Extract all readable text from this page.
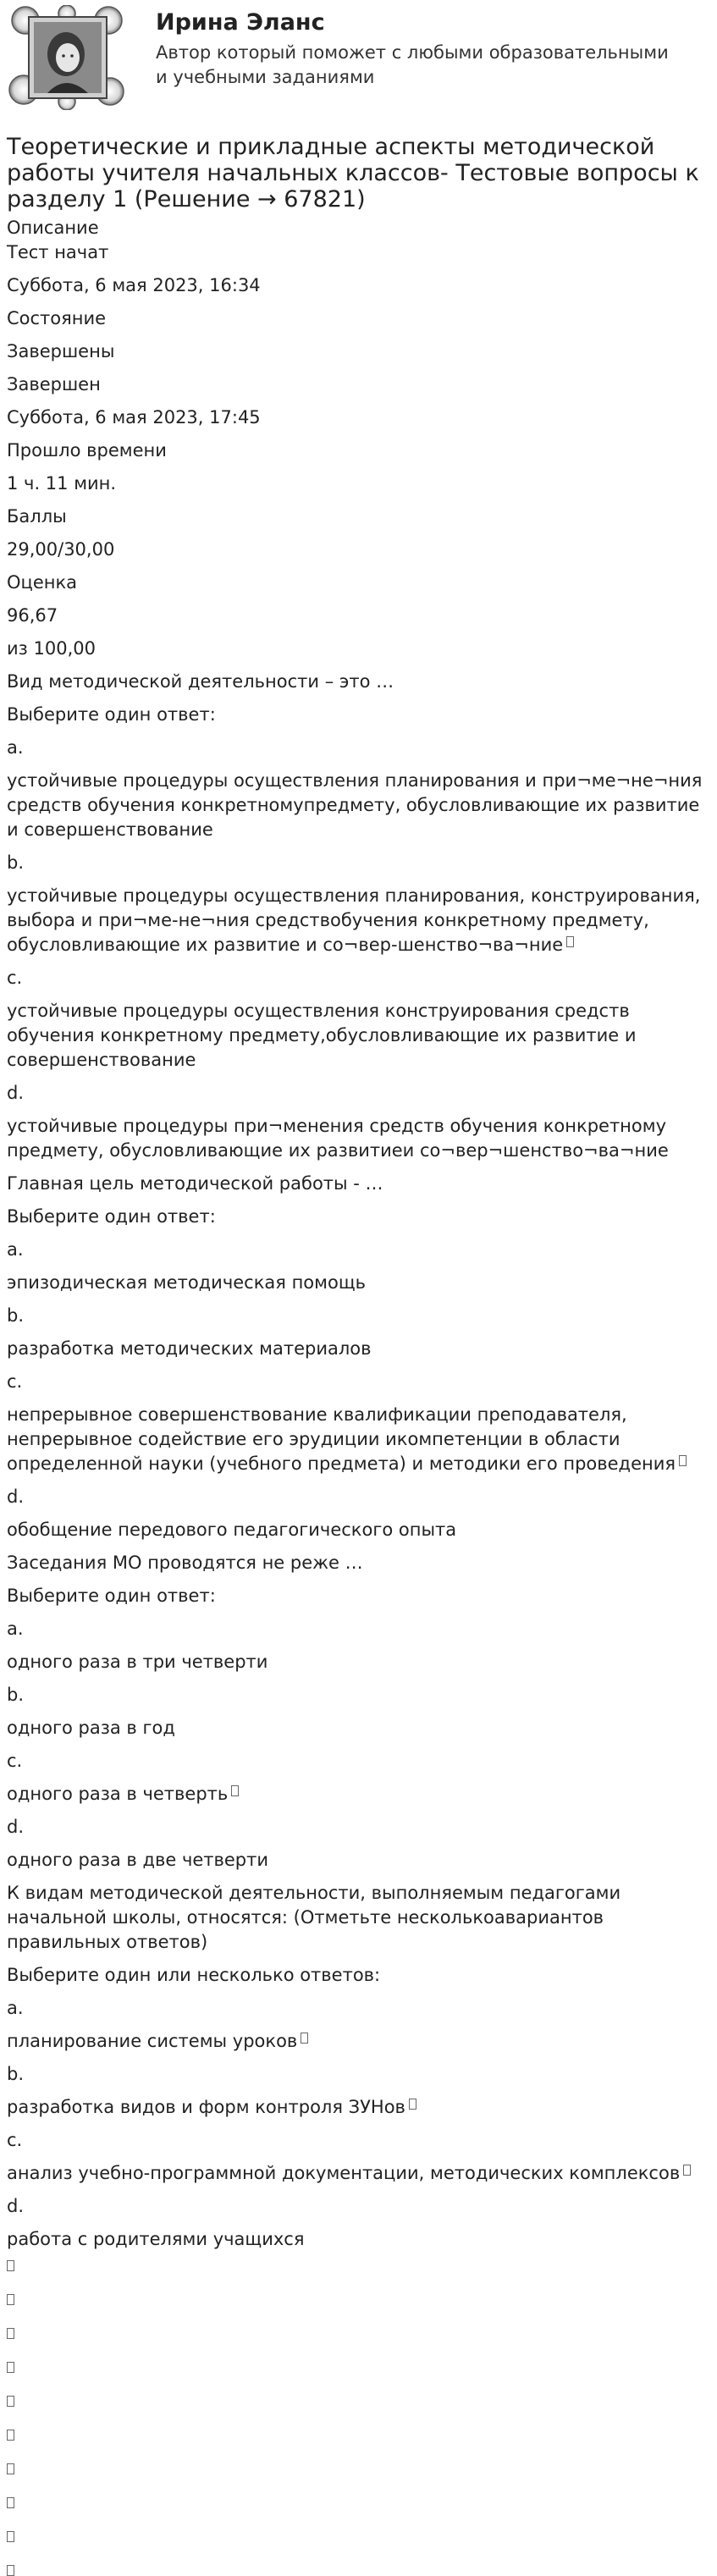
Ирина Эланс
Автор который поможет с любыми образовательными и учебными заданиями
Теоретические и прикладные аспекты методической работы учителя начальных классов- Тестовые вопросы к разделу 1 (Решение → 67821)
Описание
Тест начат
Суббота, 6 мая 2023, 16:34
Состояние
Завершены
Завершен
Суббота, 6 мая 2023, 17:45
Прошло времени
1 ч. 11 мин.
Баллы
29,00/30,00
Оценка
96,67
из 100,00
Вид методической деятельности – это …
Выберите один ответ:
a.
устойчивые процедуры осуществления планирования и при¬ме¬не¬ния средств обучения конкретномупредмету, обусловливающие их развитие и совершенствование
b.
устойчивые процедуры осуществления планирования, конструирования, выбора и при¬ме-не¬ния средствобучения конкретному предмету, обусловливающие их развитие и со¬вер-шенство¬ва¬ние
c.
устойчивые процедуры осуществления конструирования средств обучения конкретному предмету,обусловливающие их развитие и совершенствование
d.
устойчивые процедуры при¬менения средств обучения конкретному предмету, обусловливающие их развитиеи со¬вер¬шенство¬ва¬ние
Главная цель методической работы - …
Выберите один ответ:
a.
эпизодическая методическая помощь
b.
разработка методических материалов
c.
непрерывное совершенствование квалификации преподавателя, непрерывное содействие его эрудиции икомпетенции в области определенной науки (учебного предмета) и методики его проведения
d.
обобщение передового педагогического опыта
Заседания МО проводятся не реже …
Выберите один ответ:
a.
одного раза в три четверти
b.
одного раза в год
c.
одного раза в четверть
d.
одного раза в две четверти
К видам методической деятельности, выполняемым педагогами начальной школы, относятся: (Отметьте несколькоавариантов правильных ответов)
Выберите один или несколько ответов:
a.
планирование системы уроков
b.
разработка видов и форм контроля ЗУНов
c.
анализ учебно-программной документации, методических комплексов
d.
работа с родителями учащихся
